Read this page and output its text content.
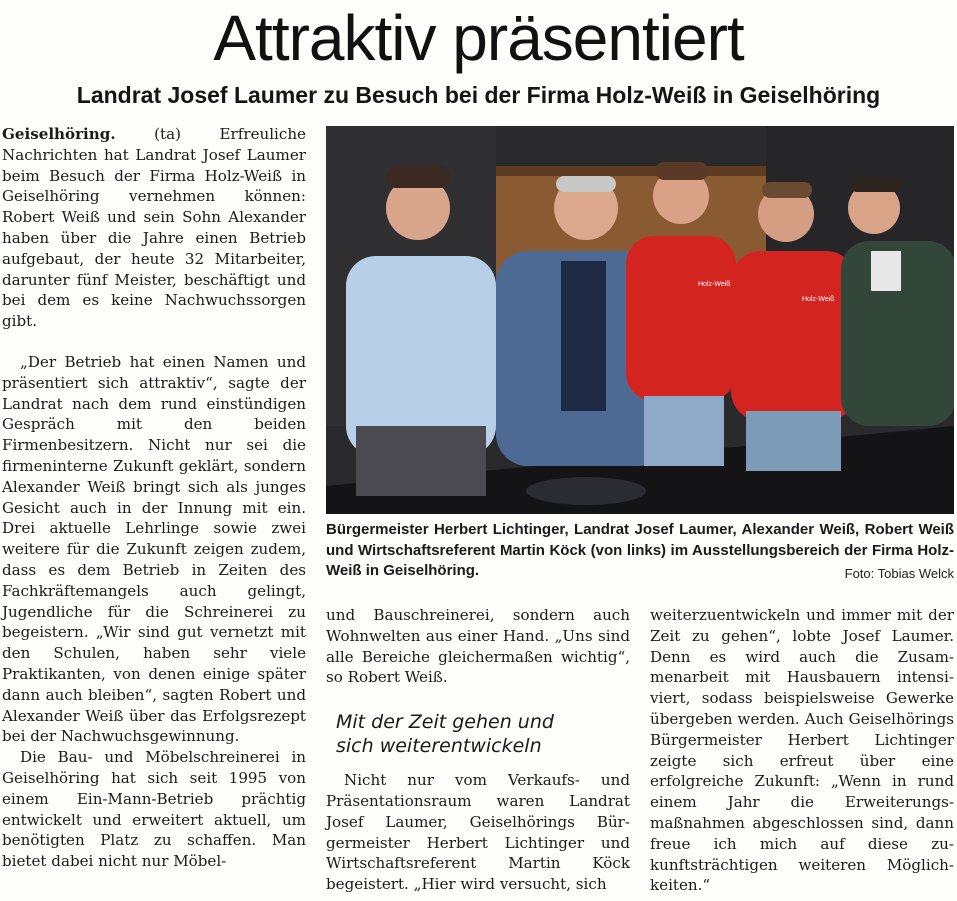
Attraktiv präsentiert
Landrat Josef Laumer zu Besuch bei der Firma Holz-Weiß in Geiselhöring

Geiselhöring.	(ta) Erfreuliche Nachrichten hat Landrat Josef Laumer beim Besuch der Firma Holz-Weiß in Geiselhöring vernehmen können: Robert Weiß und sein Sohn Alexander haben über die Jahre einen Betrieb aufgebaut, der heute 32 Mitarbeiter, darunter fünf Meister, beschäftigt und bei dem es keine Nachwuchssorgen gibt.

„Der Betrieb hat einen Namen und präsentiert sich attraktiv“, sagte der Landrat nach dem rund einstündigen Gespräch mit den beiden Firmenbesitzern. Nicht nur sei die firmeninterne Zukunft geklärt, sondern Alexander Weiß bringt sich als junges Gesicht auch in der Innung mit ein. Drei aktuelle Lehrlinge sowie zwei weitere für die Zukunft zeigen zudem, dass es dem Betrieb in Zeiten des Fachkräftemangels auch gelingt, Jugendliche für die Schreinerei zu begeistern. „Wir sind gut vernetzt mit den Schulen, haben sehr viele Praktikanten, von denen einige später dann auch bleiben“, sagten Robert und Alexander Weiß über das Erfolgsrezept bei der Nachwuchsgewinnung.

Die Bau- und Möbelschreinerei in Geiselhöring hat sich seit 1995 von einem Ein-Mann-Betrieb prächtig entwickelt und erweitert aktuell, um benötigten Platz zu schaffen. Man bietet dabei nicht nur Möbel-

Holz-Weiß
Holz-Weiß
Bürgermeister Herbert Lichtinger, Landrat Josef Laumer, Alexander Weiß, Robert Weiß und Wirtschaftsreferent Martin Köck (von links) im Ausstellungsbereich der Firma Holz-Weiß in Geiselhöring.	Foto: Tobias Welck

und Bauschreinerei, sondern auch Wohnwelten aus einer Hand. „Uns sind alle Bereiche gleichermaßen wichtig“, so Robert Weiß.

Mit der Zeit gehen und
sich weiterentwickeln

Nicht nur vom Verkaufs- und Präsentationsraum waren Landrat Josef Laumer, Geiselhörings Bürgermeister Herbert Lichtinger und Wirtschaftsreferent Martin Köck begeistert. „Hier wird versucht, sich

weiterzuentwickeln und immer mit der Zeit zu gehen“, lobte Josef Laumer. Denn es wird auch die Zusammenarbeit mit Hausbauern intensiviert, sodass beispielsweise Gewerke übergeben werden. Auch Geiselhörings Bürgermeister Herbert Lichtinger zeigte sich erfreut über eine erfolgreiche Zukunft: „Wenn in rund einem Jahr die Erweiterungsmaßnahmen abgeschlossen sind, dann freue ich mich auf diese zukunftsträchtigen weiteren Möglichkeiten.“
